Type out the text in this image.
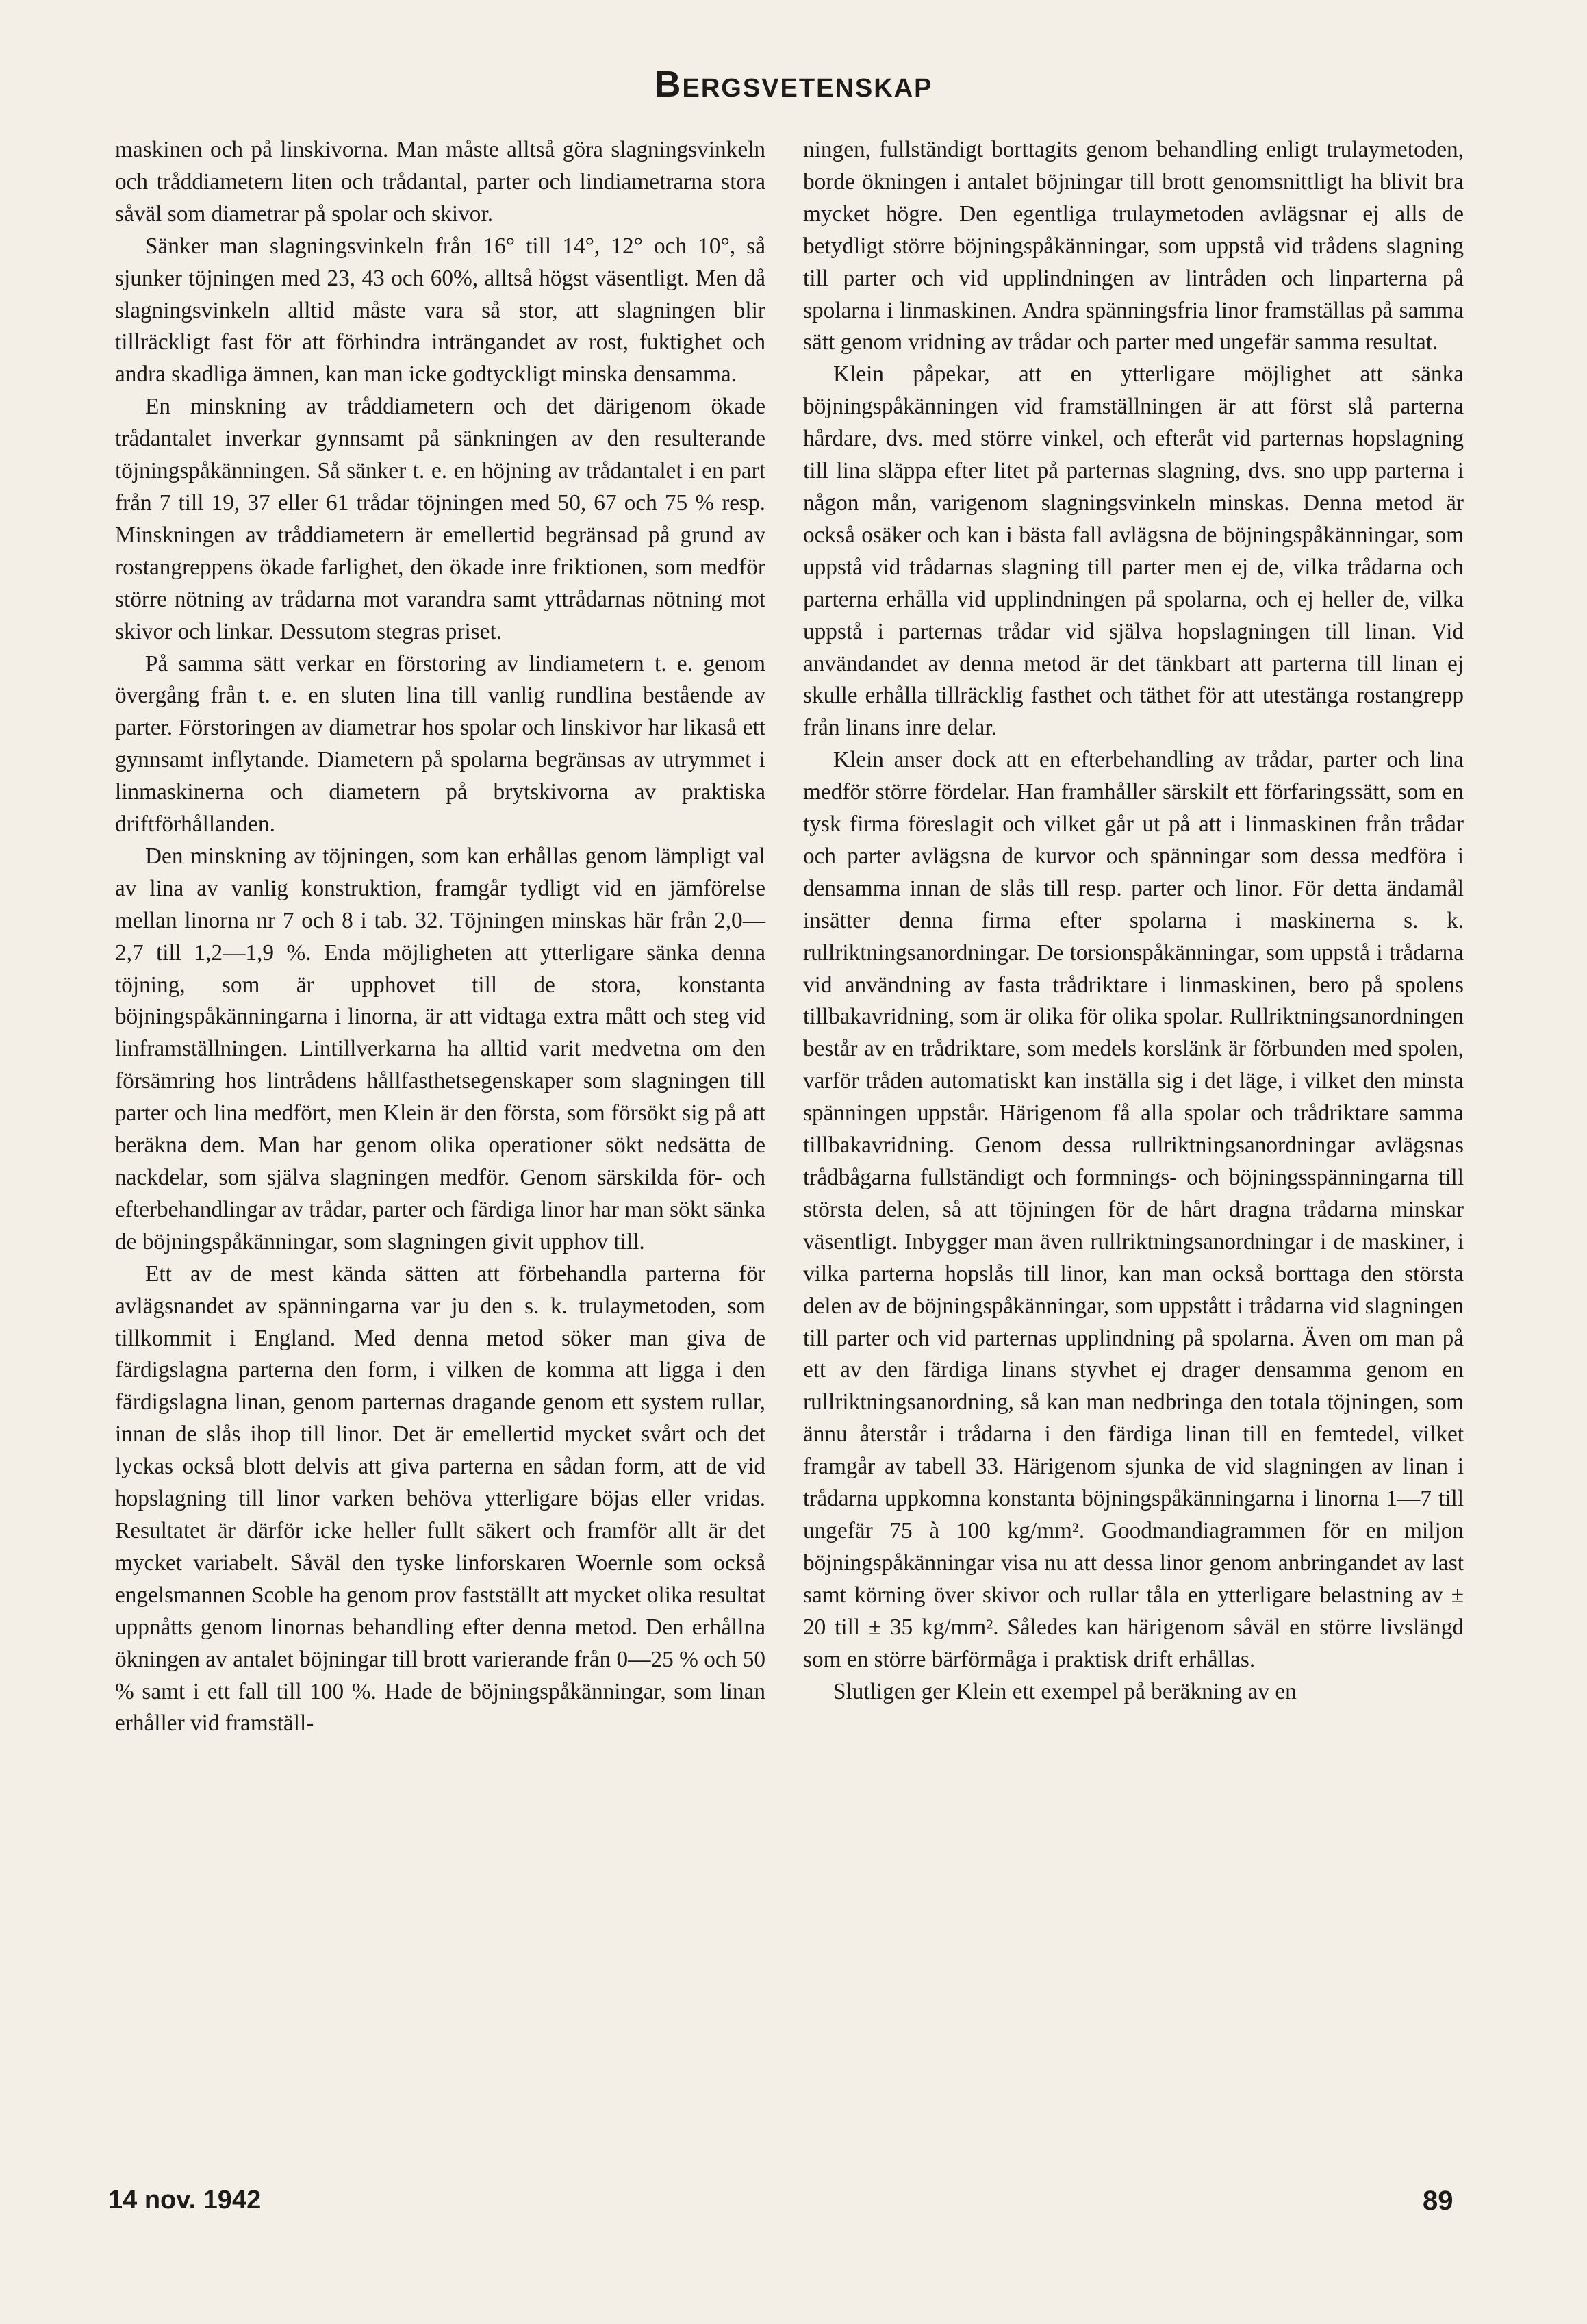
Bergsvetenskap

maskinen och på linskivorna. Man måste alltså göra slagningsvinkeln och tråddiametern liten och trådantal, parter och lindiametrarna stora såväl som diametrar på spolar och skivor.

Sänker man slagningsvinkeln från 16° till 14°, 12° och 10°, så sjunker töjningen med 23, 43 och 60%, alltså högst väsentligt. Men då slagningsvinkeln alltid måste vara så stor, att slagningen blir tillräckligt fast för att förhindra inträngandet av rost, fuktighet och andra skadliga ämnen, kan man icke godtyckligt minska densamma.

En minskning av tråddiametern och det därigenom ökade trådantalet inverkar gynnsamt på sänkningen av den resulterande töjningspåkänningen. Så sänker t. e. en höjning av trådantalet i en part från 7 till 19, 37 eller 61 trådar töjningen med 50, 67 och 75 % resp. Minskningen av tråddiametern är emellertid begränsad på grund av rostangreppens ökade farlighet, den ökade inre friktionen, som medför större nötning av trådarna mot varandra samt yttrådarnas nötning mot skivor och linkar. Dessutom stegras priset.

På samma sätt verkar en förstoring av lindiametern t. e. genom övergång från t. e. en sluten lina till vanlig rundlina bestående av parter. Förstoringen av diametrar hos spolar och linskivor har likaså ett gynnsamt inflytande. Diametern på spolarna begränsas av utrymmet i linmaskinerna och diametern på brytskivorna av praktiska driftförhållanden.

Den minskning av töjningen, som kan erhållas genom lämpligt val av lina av vanlig konstruktion, framgår tydligt vid en jämförelse mellan linorna nr 7 och 8 i tab. 32. Töjningen minskas här från 2,0—2,7 till 1,2—1,9 %. Enda möjligheten att ytterligare sänka denna töjning, som är upphovet till de stora, konstanta böjningspåkänningarna i linorna, är att vidtaga extra mått och steg vid linframställningen. Lintillverkarna ha alltid varit medvetna om den försämring hos lintrådens hållfasthetsegenskaper som slagningen till parter och lina medfört, men Klein är den första, som försökt sig på att beräkna dem. Man har genom olika operationer sökt nedsätta de nackdelar, som själva slagningen medför. Genom särskilda för- och efterbehandlingar av trådar, parter och färdiga linor har man sökt sänka de böjningspåkänningar, som slagningen givit upphov till.

Ett av de mest kända sätten att förbehandla parterna för avlägsnandet av spänningarna var ju den s. k. trulaymetoden, som tillkommit i England. Med denna metod söker man giva de färdigslagna parterna den form, i vilken de komma att ligga i den färdigslagna linan, genom parternas dragande genom ett system rullar, innan de slås ihop till linor. Det är emellertid mycket svårt och det lyckas också blott delvis att giva parterna en sådan form, att de vid hopslagning till linor varken behöva ytterligare böjas eller vridas. Resultatet är därför icke heller fullt säkert och framför allt är det mycket variabelt. Såväl den tyske linforskaren Woernle som också engelsmannen Scoble ha genom prov fastställt att mycket olika resultat uppnåtts genom linornas behandling efter denna metod. Den erhållna ökningen av antalet böjningar till brott varierande från 0—25 % och 50 % samt i ett fall till 100 %. Hade de böjningspåkänningar, som linan erhåller vid framställ-

ningen, fullständigt borttagits genom behandling enligt trulaymetoden, borde ökningen i antalet böjningar till brott genomsnittligt ha blivit bra mycket högre. Den egentliga trulaymetoden avlägsnar ej alls de betydligt större böjningspåkänningar, som uppstå vid trådens slagning till parter och vid upplindningen av lintråden och linparterna på spolarna i linmaskinen. Andra spänningsfria linor framställas på samma sätt genom vridning av trådar och parter med ungefär samma resultat.

Klein påpekar, att en ytterligare möjlighet att sänka böjningspåkänningen vid framställningen är att först slå parterna hårdare, dvs. med större vinkel, och efteråt vid parternas hopslagning till lina släppa efter litet på parternas slagning, dvs. sno upp parterna i någon mån, varigenom slagningsvinkeln minskas. Denna metod är också osäker och kan i bästa fall avlägsna de böjningspåkänningar, som uppstå vid trådarnas slagning till parter men ej de, vilka trådarna och parterna erhålla vid upplindningen på spolarna, och ej heller de, vilka uppstå i parternas trådar vid själva hopslagningen till linan. Vid användandet av denna metod är det tänkbart att parterna till linan ej skulle erhålla tillräcklig fasthet och täthet för att utestänga rostangrepp från linans inre delar.

Klein anser dock att en efterbehandling av trådar, parter och lina medför större fördelar. Han framhåller särskilt ett förfaringssätt, som en tysk firma föreslagit och vilket går ut på att i linmaskinen från trådar och parter avlägsna de kurvor och spänningar som dessa medföra i densamma innan de slås till resp. parter och linor. För detta ändamål insätter denna firma efter spolarna i maskinerna s. k. rullriktningsanordningar. De torsionspåkänningar, som uppstå i trådarna vid användning av fasta trådriktare i linmaskinen, bero på spolens tillbakavridning, som är olika för olika spolar. Rullriktningsanordningen består av en trådriktare, som medels korslänk är förbunden med spolen, varför tråden automatiskt kan inställa sig i det läge, i vilket den minsta spänningen uppstår. Härigenom få alla spolar och trådriktare samma tillbakavridning. Genom dessa rullriktningsanordningar avlägsnas trådbågarna fullständigt och formnings- och böjningsspänningarna till största delen, så att töjningen för de hårt dragna trådarna minskar väsentligt. Inbygger man även rullriktningsanordningar i de maskiner, i vilka parterna hopslås till linor, kan man också borttaga den största delen av de böjningspåkänningar, som uppstått i trådarna vid slagningen till parter och vid parternas upplindning på spolarna. Även om man på ett av den färdiga linans styvhet ej drager densamma genom en rullriktningsanordning, så kan man nedbringa den totala töjningen, som ännu återstår i trådarna i den färdiga linan till en femtedel, vilket framgår av tabell 33. Härigenom sjunka de vid slagningen av linan i trådarna uppkomna konstanta böjningspåkänningarna i linorna 1—7 till ungefär 75 à 100 kg/mm². Goodmandiagrammen för en miljon böjningspåkänningar visa nu att dessa linor genom anbringandet av last samt körning över skivor och rullar tåla en ytterligare belastning av ± 20 till ± 35 kg/mm². Således kan härigenom såväl en större livslängd som en större bärförmåga i praktisk drift erhållas.

Slutligen ger Klein ett exempel på beräkning av en

14 nov. 1942	89
